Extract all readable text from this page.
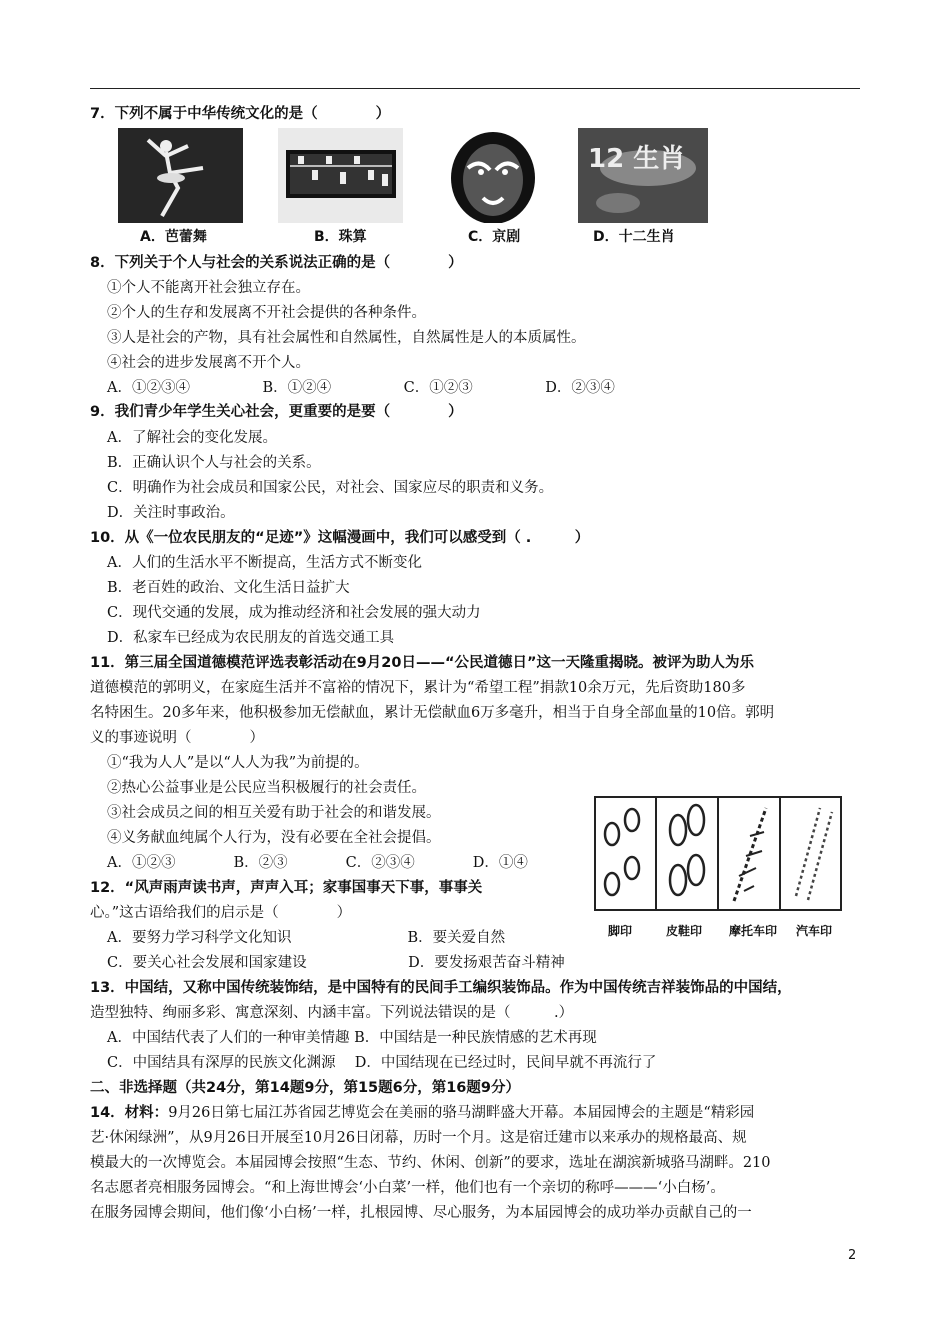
7．下列不属于中华传统文化的是（　　　　）
A．芭蕾舞	B．珠算	C．京剧	D．十二生肖
12 生肖
8．下列关于个人与社会的关系说法正确的是（　　　　）
①个人不能离开社会独立存在。
②个人的生存和发展离不开社会提供的各种条件。
③人是社会的产物，具有社会属性和自然属性，自然属性是人的本质属性。
④社会的进步发展离不开个人。
A．①②③④　　　　　B．①②④　　　　　C．①②③　　　　　D．②③④
9．我们青少年学生关心社会，更重要的是要（　　　　）
A．了解社会的变化发展。
B．正确认识个人与社会的关系。
C．明确作为社会成员和国家公民，对社会、国家应尽的职责和义务。
D．关注时事政治。
10．从《一位农民朋友的“足迹”》这幅漫画中，我们可以感受到（ .　　　）
A．人们的生活水平不断提高，生活方式不断变化
B．老百姓的政治、文化生活日益扩大
C．现代交通的发展，成为推动经济和社会发展的强大动力
D．私家车已经成为农民朋友的首选交通工具
11．第三届全国道德模范评选表彰活动在9月20日——“公民道德日”这一天隆重揭晓。被评为助人为乐
道德模范的郭明义，在家庭生活并不富裕的情况下，累计为“希望工程”捐款10余万元，先后资助180多
名特困生。20多年来，他积极参加无偿献血，累计无偿献血6万多毫升，相当于自身全部血量的10倍。郭明
义的事迹说明（　　　　）
①“我为人人”是以“人人为我”为前提的。
②热心公益事业是公民应当积极履行的社会责任。
③社会成员之间的相互关爱有助于社会的和谐发展。
④义务献血纯属个人行为，没有必要在全社会提倡。
A．①②③　　　　B．②③　　　　C．②③④　　　　D．①④
脚印	皮鞋印 摩托车印 汽车印
12．“风声雨声读书声，声声入耳；家事国事天下事，事事关
心。”这古语给我们的启示是（　　　　）
A．要努力学习科学文化知识　　　　　　　　B．要关爱自然
C．要关心社会发展和国家建设　　　　　　　D．要发扬艰苦奋斗精神
13．中国结，又称中国传统装饰结，是中国特有的民间手工编织装饰品。作为中国传统吉祥装饰品的中国结，
造型独特、绚丽多彩、寓意深刻、内涵丰富。下列说法错误的是（　　　.）
A．中国结代表了人们的一种审美情趣 B．中国结是一种民族情感的艺术再现
C．中国结具有深厚的民族文化渊源　 D．中国结现在已经过时，民间早就不再流行了
二、非选择题（共24分，第14题9分，第15题6分，第16题9分）
14．材料：9月26日第七届江苏省园艺博览会在美丽的骆马湖畔盛大开幕。本届园博会的主题是“精彩园
艺·休闲绿洲”，从9月26日开展至10月26日闭幕，历时一个月。这是宿迁建市以来承办的规格最高、规
模最大的一次博览会。本届园博会按照“生态、节约、休闲、创新”的要求，选址在湖滨新城骆马湖畔。210
名志愿者亮相服务园博会。“和上海世博会‘小白菜’一样，他们也有一个亲切的称呼———‘小白杨’。
在服务园博会期间，他们像‘小白杨’一样，扎根园博、尽心服务，为本届园博会的成功举办贡献自己的一
2
